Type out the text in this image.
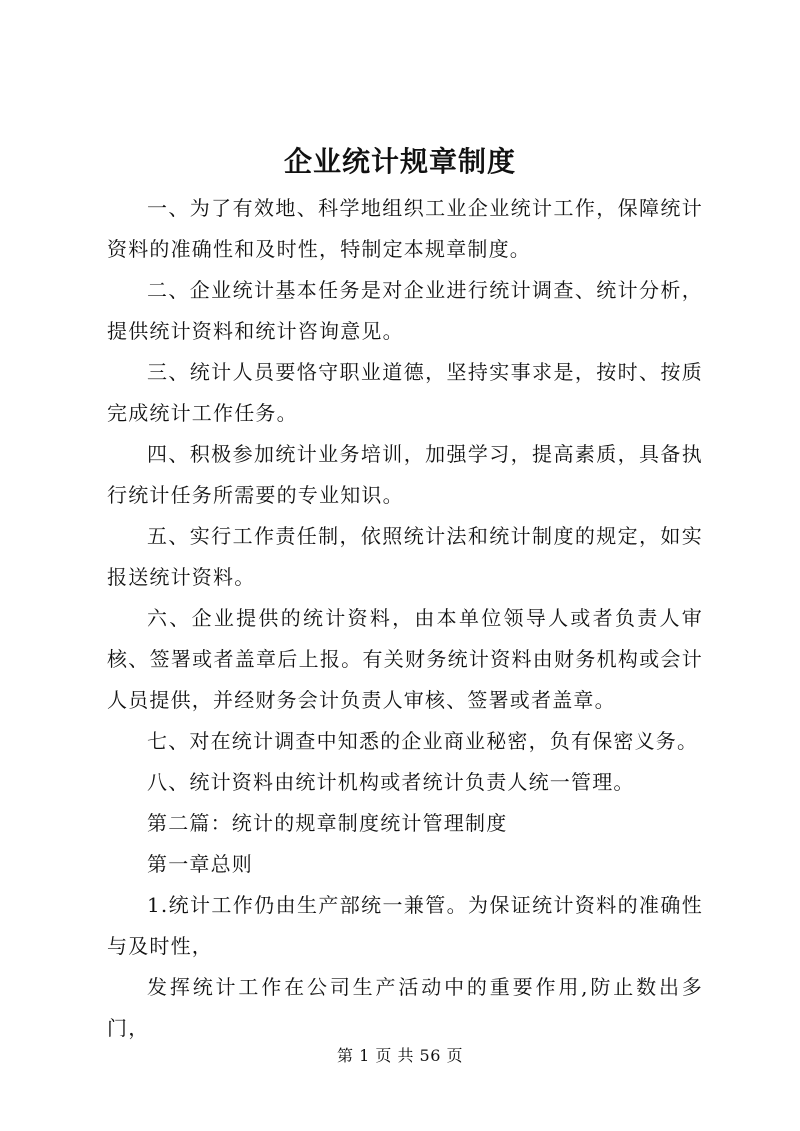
企业统计规章制度

一、为了有效地、科学地组织工业企业统计工作，保障统计资料的准确性和及时性，特制定本规章制度。

二、企业统计基本任务是对企业进行统计调查、统计分析，提供统计资料和统计咨询意见。

三、统计人员要恪守职业道德，坚持实事求是，按时、按质完成统计工作任务。

四、积极参加统计业务培训，加强学习，提高素质，具备执行统计任务所需要的专业知识。

五、实行工作责任制，依照统计法和统计制度的规定，如实报送统计资料。

六、企业提供的统计资料，由本单位领导人或者负责人审核、签署或者盖章后上报。有关财务统计资料由财务机构或会计人员提供，并经财务会计负责人审核、签署或者盖章。

七、对在统计调查中知悉的企业商业秘密，负有保密义务。

八、统计资料由统计机构或者统计负责人统一管理。

第二篇：统计的规章制度统计管理制度

第一章总则

1.统计工作仍由生产部统一兼管。为保证统计资料的准确性与及时性，

发挥统计工作在公司生产活动中的重要作用,防止数出多门，

第 1 页 共 56 页
